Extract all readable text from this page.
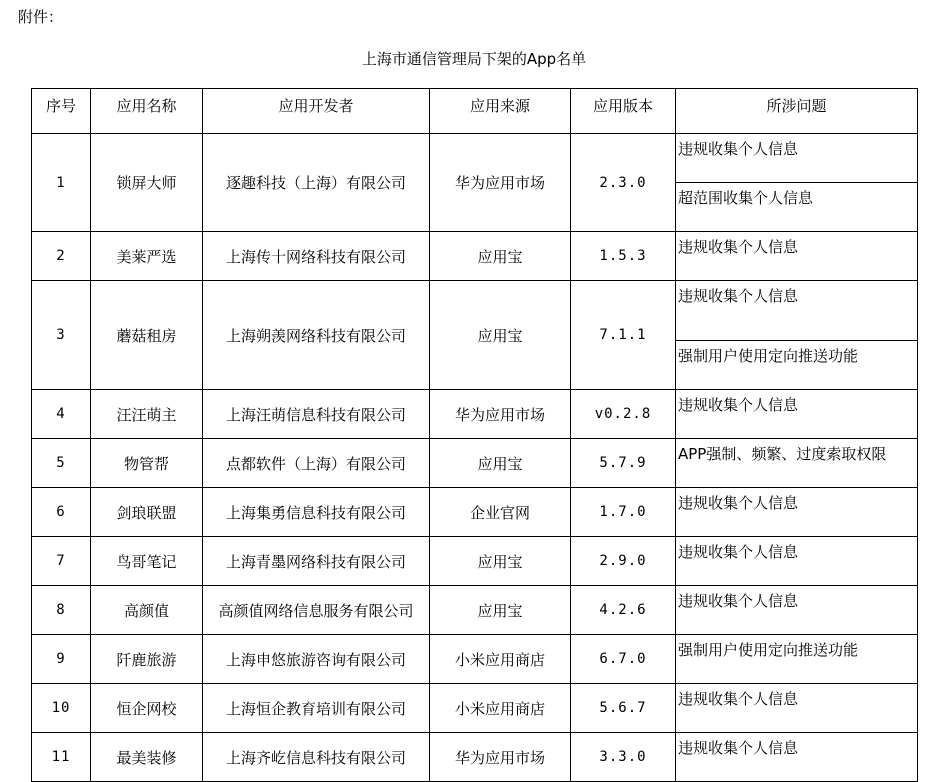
附件：
上海市通信管理局下架的App名单
序号	应用名称	应用开发者	应用来源	应用版本	所涉问题
1	锁屏大师	逐趣科技（上海）有限公司	华为应用市场	2.3.0	违规收集个人信息
					超范围收集个人信息
2	美莱严选	上海传十网络科技有限公司	应用宝	1.5.3	违规收集个人信息
3	蘑菇租房	上海朔羡网络科技有限公司	应用宝	7.1.1	违规收集个人信息
					强制用户使用定向推送功能
4	汪汪萌主	上海汪萌信息科技有限公司	华为应用市场	v0.2.8	违规收集个人信息
5	物管帮	点都软件（上海）有限公司	应用宝	5.7.9	APP强制、频繁、过度索取权限
6	剑琅联盟	上海集勇信息科技有限公司	企业官网	1.7.0	违规收集个人信息
7	鸟哥笔记	上海青墨网络科技有限公司	应用宝	2.9.0	违规收集个人信息
8	高颜值	高颜值网络信息服务有限公司	应用宝	4.2.6	违规收集个人信息
9	阡鹿旅游	上海申悠旅游咨询有限公司	小米应用商店	6.7.0	强制用户使用定向推送功能
10	恒企网校	上海恒企教育培训有限公司	小米应用商店	5.6.7	违规收集个人信息
11	最美装修	上海齐屹信息科技有限公司	华为应用市场	3.3.0	违规收集个人信息
